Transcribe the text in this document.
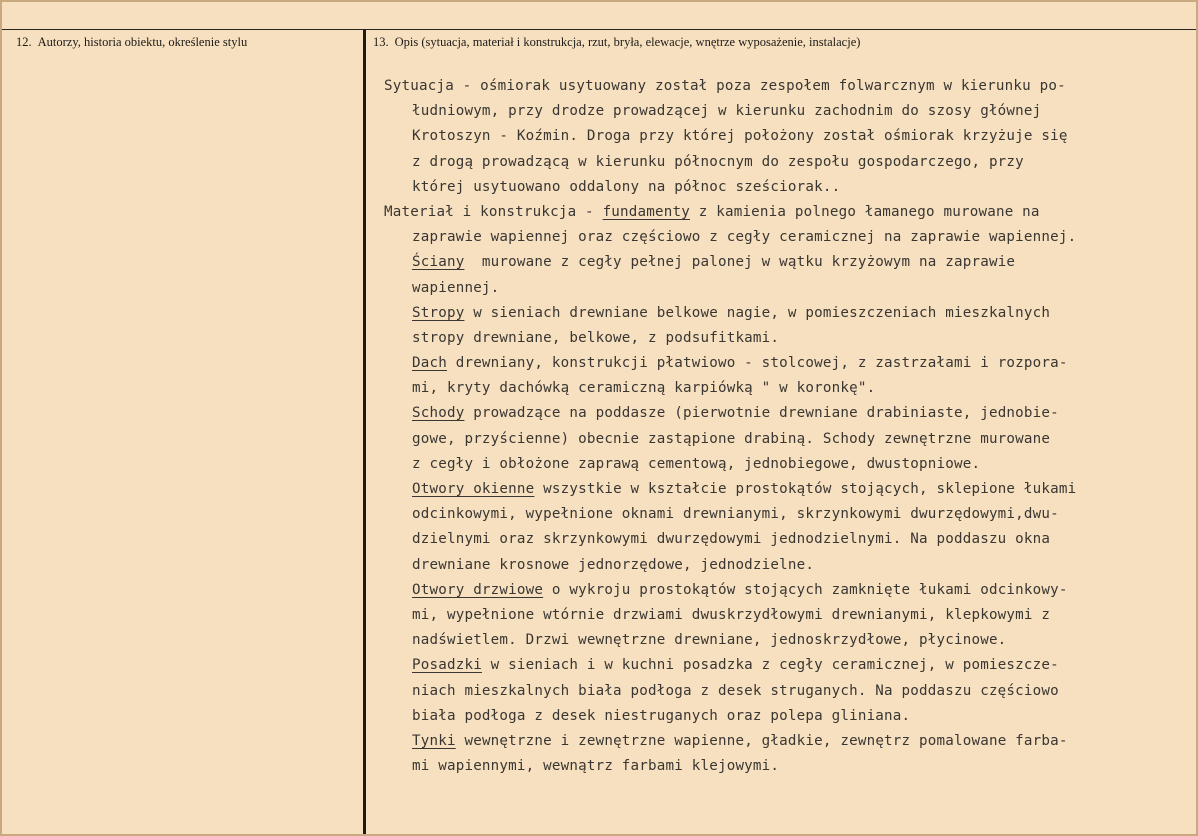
12. Autorzy, historia obiektu, określenie stylu	13. Opis (sytuacja, materiał i konstrukcja, rzut, bryła, elewacje, wnętrze wyposażenie, instalacje)
Sytuacja - ośmiorak usytuowany został poza zespołem folwarcznym w kierunku po-
łudniowym, przy drodze prowadzącej w kierunku zachodnim do szosy głównej
Krotoszyn - Koźmin. Droga przy której położony został ośmiorak krzyżuje się
z drogą prowadzącą w kierunku północnym do zespołu gospodarczego, przy
której usytuowano oddalony na północ sześciorak..
Materiał i konstrukcja - fundamenty z kamienia polnego łamanego murowane na
zaprawie wapiennej oraz częściowo z cegły ceramicznej na zaprawie wapiennej.
Ściany  murowane z cegły pełnej palonej w wątku krzyżowym na zaprawie
wapiennej.
Stropy w sieniach drewniane belkowe nagie, w pomieszczeniach mieszkalnych
stropy drewniane, belkowe, z podsufitkami.
Dach drewniany, konstrukcji płatwiowo - stolcowej, z zastrzałami i rozpora-
mi, kryty dachówką ceramiczną karpiówką " w koronkę".
Schody prowadzące na poddasze (pierwotnie drewniane drabiniaste, jednobie-
gowe, przyścienne) obecnie zastąpione drabiną. Schody zewnętrzne murowane
z cegły i obłożone zaprawą cementową, jednobiegowe, dwustopniowe.
Otwory okienne wszystkie w kształcie prostokątów stojących, sklepione łukami
odcinkowymi, wypełnione oknami drewnianymi, skrzynkowymi dwurzędowymi,dwu-
dzielnymi oraz skrzynkowymi dwurzędowymi jednodzielnymi. Na poddaszu okna
drewniane krosnowe jednorzędowe, jednodzielne.
Otwory drzwiowe o wykroju prostokątów stojących zamknięte łukami odcinkowy-
mi, wypełnione wtórnie drzwiami dwuskrzydłowymi drewnianymi, klepkowymi z
nadświetlem. Drzwi wewnętrzne drewniane, jednoskrzydłowe, płycinowe.
Posadzki w sieniach i w kuchni posadzka z cegły ceramicznej, w pomieszcze-
niach mieszkalnych biała podłoga z desek struganych. Na poddaszu częściowo
biała podłoga z desek niestruganych oraz polepa gliniana.
Tynki wewnętrzne i zewnętrzne wapienne, gładkie, zewnętrz pomalowane farba-
mi wapiennymi, wewnątrz farbami klejowymi.
